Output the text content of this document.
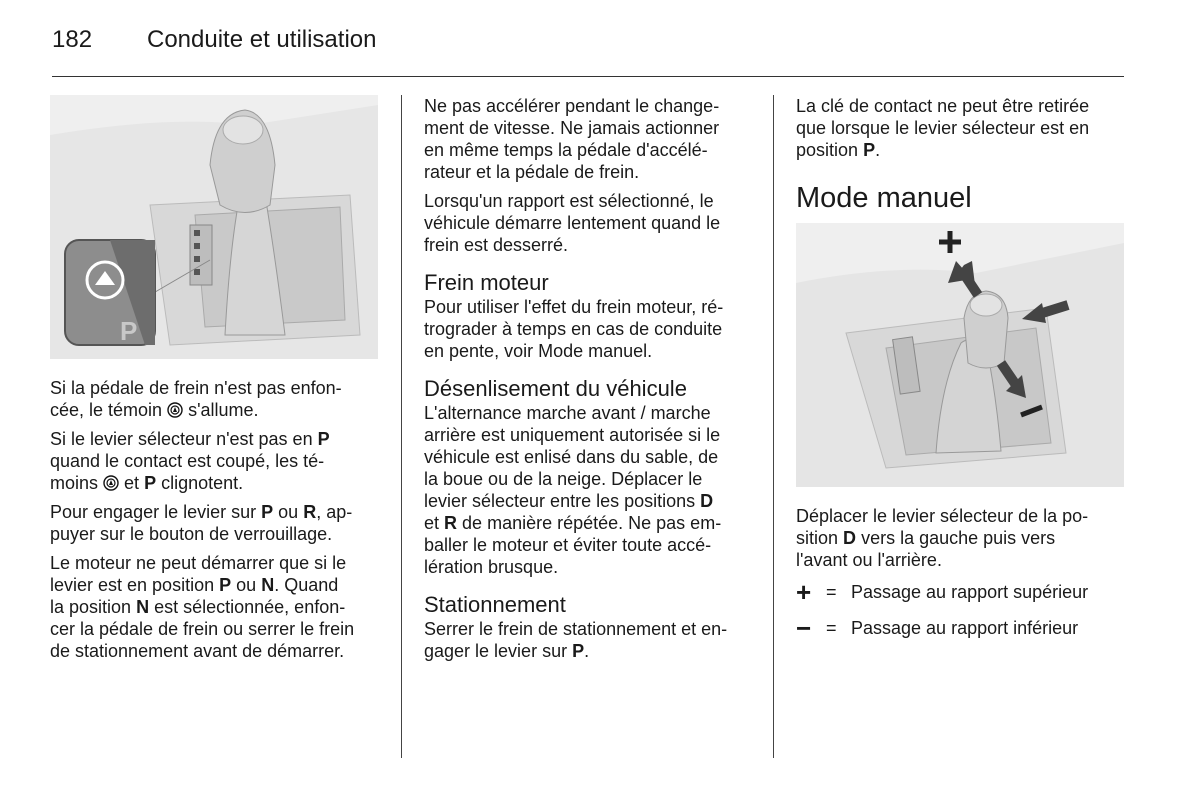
182 Conduite et utilisation
P

Si la pédale de frein n'est pas enfon-
cée, le témoin s'allume.

Si le levier sélecteur n'est pas en P
quand le contact est coupé, les té-
moins et P clignotent.

Pour engager le levier sur P ou R, ap-
puyer sur le bouton de verrouillage.

Le moteur ne peut démarrer que si le
levier est en position P ou N. Quand
la position N est sélectionnée, enfon-
cer la pédale de frein ou serrer le frein
de stationnement avant de démarrer.

Ne pas accélérer pendant le change-
ment de vitesse. Ne jamais actionner
en même temps la pédale d'accélé-
rateur et la pédale de frein.

Lorsqu'un rapport est sélectionné, le
véhicule démarre lentement quand le
frein est desserré.

Frein moteur

Pour utiliser l'effet du frein moteur, ré-
trograder à temps en cas de conduite
en pente, voir Mode manuel.

Désenlisement du véhicule

L'alternance marche avant / marche
arrière est uniquement autorisée si le
véhicule est enlisé dans du sable, de
la boue ou de la neige. Déplacer le
levier sélecteur entre les positions D
et R de manière répétée. Ne pas em-
baller le moteur et éviter toute accé-
lération brusque.

Stationnement

Serrer le frein de stationnement et en-
gager le levier sur P.

La clé de contact ne peut être retirée
que lorsque le levier sélecteur est en
position P.

Mode manuel

Déplacer le levier sélecteur de la po-
sition D vers la gauche puis vers
l'avant ou l'arrière.

+ = Passage au rapport supérieur
− = Passage au rapport inférieur
